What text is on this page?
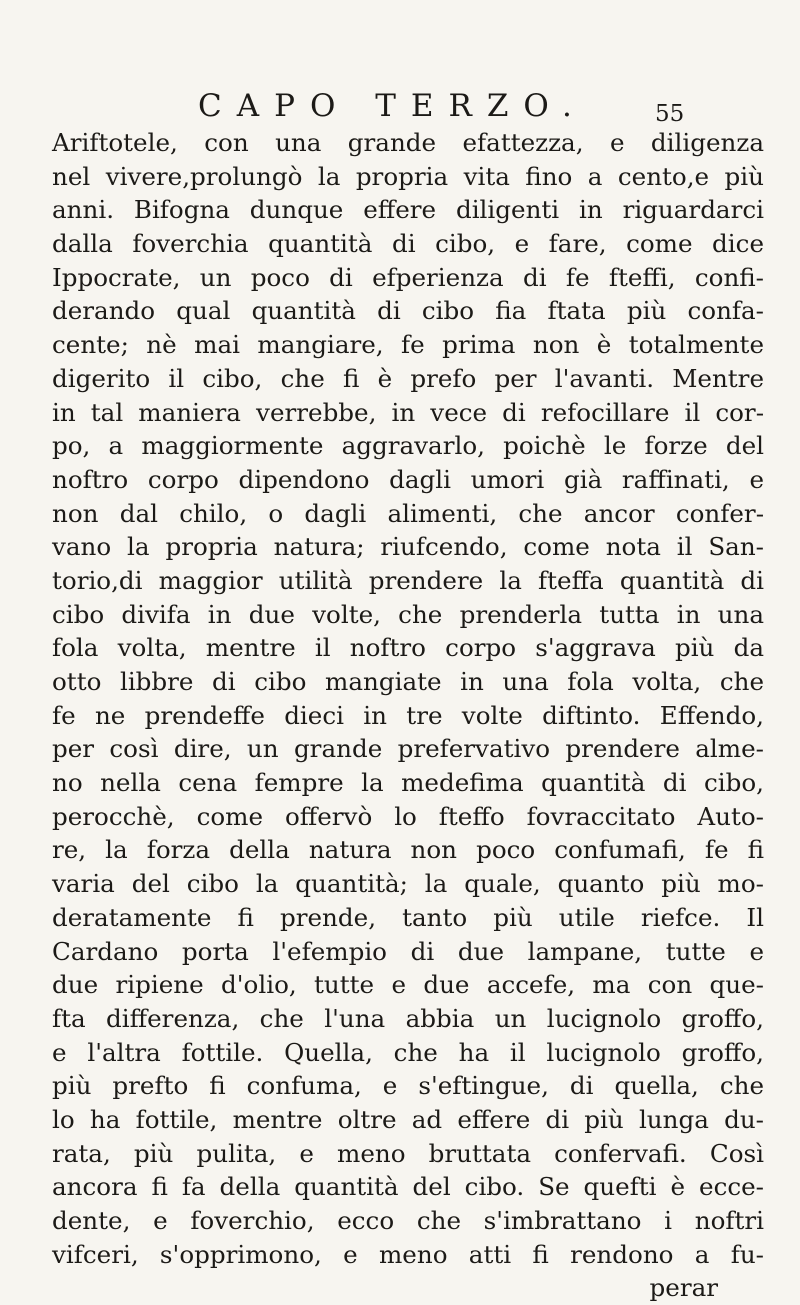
CAPO TERZO.	55
Ariftotele, con una grande efattezza, e diligenza
nel vivere,prolungò la propria vita fino a cento,e più
anni. Bifogna dunque effere diligenti in riguardarci
dalla foverchia quantità di cibo, e fare, come dice
Ippocrate, un poco di efperienza di fe fteffi, confi-
derando qual quantità di cibo fia ftata più confa-
cente; nè mai mangiare, fe prima non è totalmente
digerito il cibo, che fi è prefo per l'avanti. Mentre
in tal maniera verrebbe, in vece di refocillare il cor-
po, a maggiormente aggravarlo, poichè le forze del
noftro corpo dipendono dagli umori già raffinati, e
non dal chilo, o dagli alimenti, che ancor confer-
vano la propria natura; riufcendo, come nota il San-
torio,di maggior utilità prendere la fteffa quantità di
cibo divifa in due volte, che prenderla tutta in una
fola volta, mentre il noftro corpo s'aggrava più da
otto libbre di cibo mangiate in una fola volta, che
fe ne prendeffe dieci in tre volte diftinto. Effendo,
per così dire, un grande prefervativo prendere alme-
no nella cena fempre la medefima quantità di cibo,
perocchè, come offervò lo fteffo fovraccitato Auto-
re, la forza della natura non poco confumafi, fe fi
varia del cibo la quantità; la quale, quanto più mo-
deratamente fi prende, tanto più utile riefce. Il
Cardano porta l'efempio di due lampane, tutte e
due ripiene d'olio, tutte e due accefe, ma con que-
fta differenza, che l'una abbia un lucignolo groffo,
e l'altra fottile. Quella, che ha il lucignolo groffo,
più prefto fi confuma, e s'eftingue, di quella, che
lo ha fottile, mentre oltre ad effere di più lunga du-
rata, più pulita, e meno bruttata confervafi. Così
ancora fi fa della quantità del cibo. Se quefti è ecce-
dente, e foverchio, ecco che s'imbrattano i noftri
vifceri, s'opprimono, e meno atti fi rendono a fu-
perar
